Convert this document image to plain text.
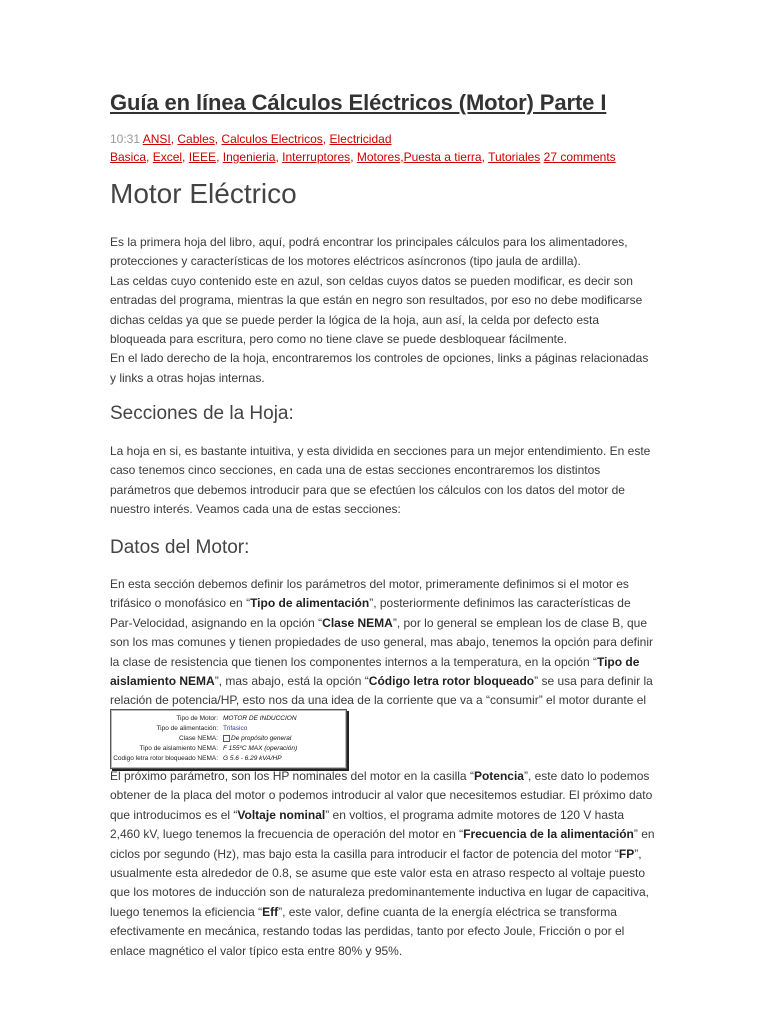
Guía en línea Cálculos Eléctricos (Motor) Parte I
10:31 ANSI, Cables, Calculos Electricos, Electricidad
Basica, Excel, IEEE, Ingenieria, Interruptores, Motores,Puesta a tierra, Tutoriales 27 comments
Motor Eléctrico

Es la primera hoja del libro, aquí, podrá encontrar los principales cálculos para los alimentadores, protecciones y características de los motores eléctricos asíncronos (tipo jaula de ardilla).

Las celdas cuyo contenido este en azul, son celdas cuyos datos se pueden modificar, es decir son entradas del programa, mientras la que están en negro son resultados, por eso no debe modificarse dichas celdas ya que se puede perder la lógica de la hoja, aun así, la celda por defecto esta bloqueada para escritura, pero como no tiene clave se puede desbloquear fácilmente.

En el lado derecho de la hoja, encontraremos los controles de opciones, links a páginas relacionadas y links a otras hojas internas.

Secciones de la Hoja:

La hoja en si, es bastante intuitiva, y esta dividida en secciones para un mejor entendimiento. En este caso tenemos cinco secciones, en cada una de estas secciones encontraremos los distintos parámetros que debemos introducir para que se efectúen los cálculos con los datos del motor de nuestro interés. Veamos cada una de estas secciones:

Datos del Motor:

En esta sección debemos definir los parámetros del motor, primeramente definimos si el motor es trifásico o monofásico en “Tipo de alimentación”, posteriormente definimos las características de Par-Velocidad, asignando en la opción “Clase NEMA”, por lo general se emplean los de clase B, que son los mas comunes y tienen propiedades de uso general, mas abajo, tenemos la opción para definir la clase de resistencia que tienen los componentes internos a la temperatura, en la opción “Tipo de aislamiento NEMA”, mas abajo, está la opción “Código letra rotor bloqueado” se usa para definir la relación de potencia/HP, esto nos da una idea de la corriente que va a “consumir” el motor durante el

Tipo de Motor: MOTOR DE INDUCCION
Tipo de alimentación: Trifasico
Clase NEMA:	De propósito general
Tipo de aislamiento NEMA: F 155ºC MAX (operación)
Codigo letra rotor bloqueado NEMA: G 5.6 - 6.29 kVA/HP

El próximo parámetro, son los HP nominales del motor en la casilla “Potencia”, este dato lo podemos obtener de la placa del motor o podemos introducir al valor que necesitemos estudiar. El próximo dato que introducimos es el “Voltaje nominal” en voltios, el programa admite motores de 120 V hasta 2,460 kV, luego tenemos la frecuencia de operación del motor en “Frecuencia de la alimentación” en ciclos por segundo (Hz), mas bajo esta la casilla para introducir el factor de potencia del motor “FP”, usualmente esta alrededor de 0.8, se asume que este valor esta en atraso respecto al voltaje puesto que los motores de inducción son de naturaleza predominantemente inductiva en lugar de capacitiva, luego tenemos la eficiencia “Eff”, este valor, define cuanta de la energía eléctrica se transforma efectivamente en mecánica, restando todas las perdidas, tanto por efecto Joule, Fricción o por el enlace magnético el valor típico esta entre 80% y 95%.
